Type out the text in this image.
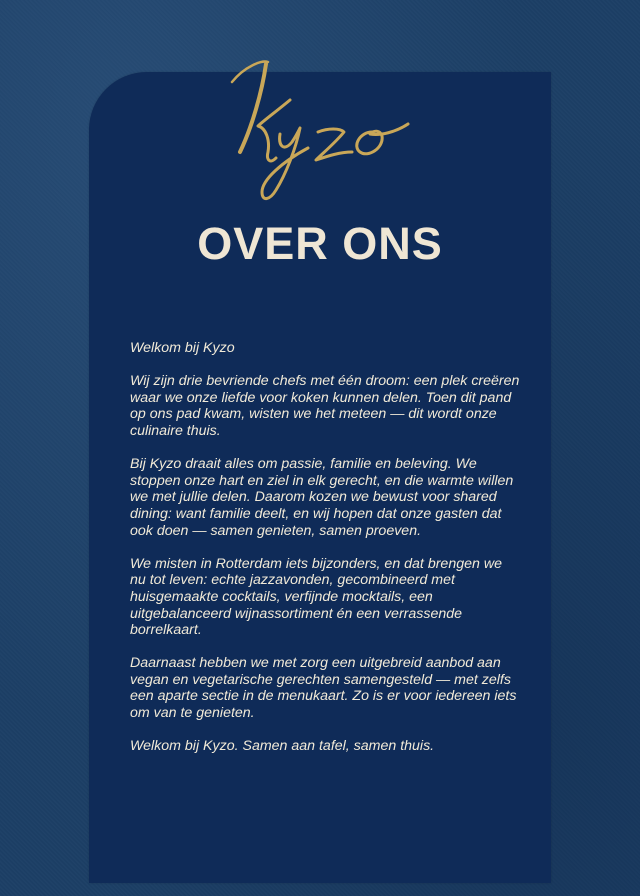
OVER ONS

Welkom bij Kyzo

Wij zijn drie bevriende chefs met één droom: een plek creëren waar we onze liefde voor koken kunnen delen. Toen dit pand op ons pad kwam, wisten we het meteen — dit wordt onze culinaire thuis.

Bij Kyzo draait alles om passie, familie en beleving. We stoppen onze hart en ziel in elk gerecht, en die warmte willen we met jullie delen. Daarom kozen we bewust voor shared dining: want familie deelt, en wij hopen dat onze gasten dat ook doen — samen genieten, samen proeven.

We misten in Rotterdam iets bijzonders, en dat brengen we nu tot leven: echte jazzavonden, gecombineerd met huisgemaakte cocktails, verfijnde mocktails, een uitgebalanceerd wijnassortiment én een verrassende borrelkaart.

Daarnaast hebben we met zorg een uitgebreid aanbod aan vegan en vegetarische gerechten samengesteld — met zelfs een aparte sectie in de menukaart. Zo is er voor iedereen iets om van te genieten.

Welkom bij Kyzo. Samen aan tafel, samen thuis.
